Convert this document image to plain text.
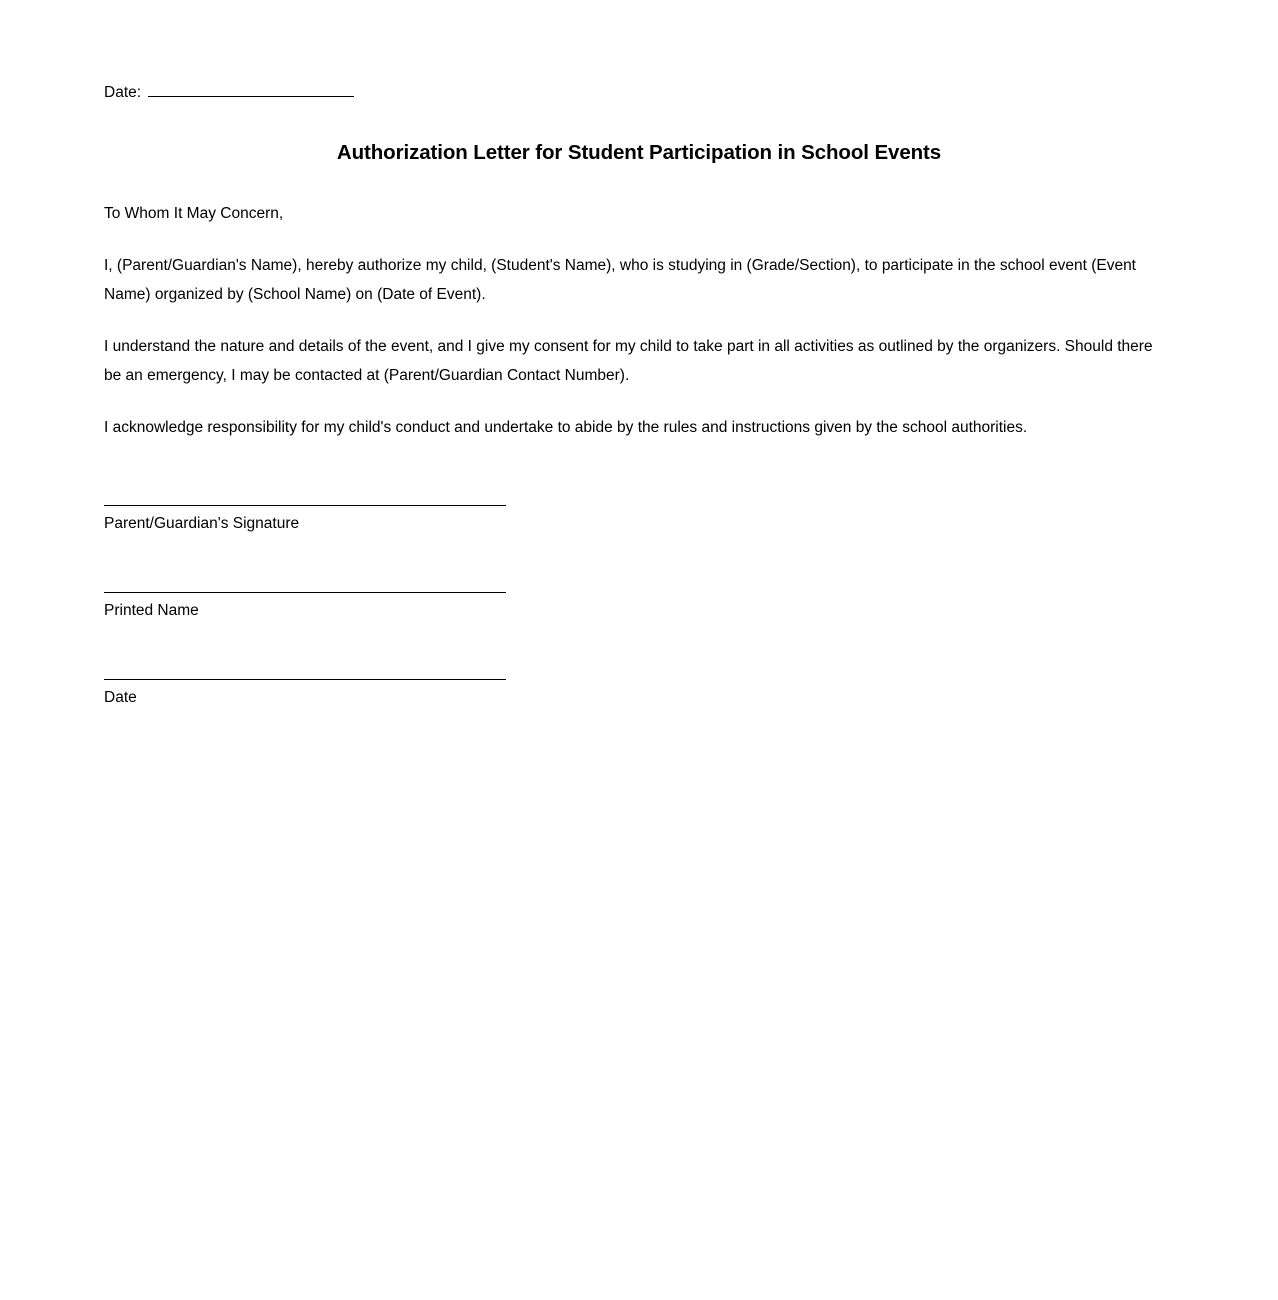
Date:
Authorization Letter for Student Participation in School Events

To Whom It May Concern,

I, (Parent/Guardian's Name), hereby authorize my child, (Student's Name), who is studying in (Grade/Section), to participate in the school event (Event Name) organized by (School Name) on (Date of Event).

I understand the nature and details of the event, and I give my consent for my child to take part in all activities as outlined by the organizers. Should there be an emergency, I may be contacted at (Parent/Guardian Contact Number).

I acknowledge responsibility for my child's conduct and undertake to abide by the rules and instructions given by the school authorities.

Parent/Guardian's Signature
Printed Name
Date
